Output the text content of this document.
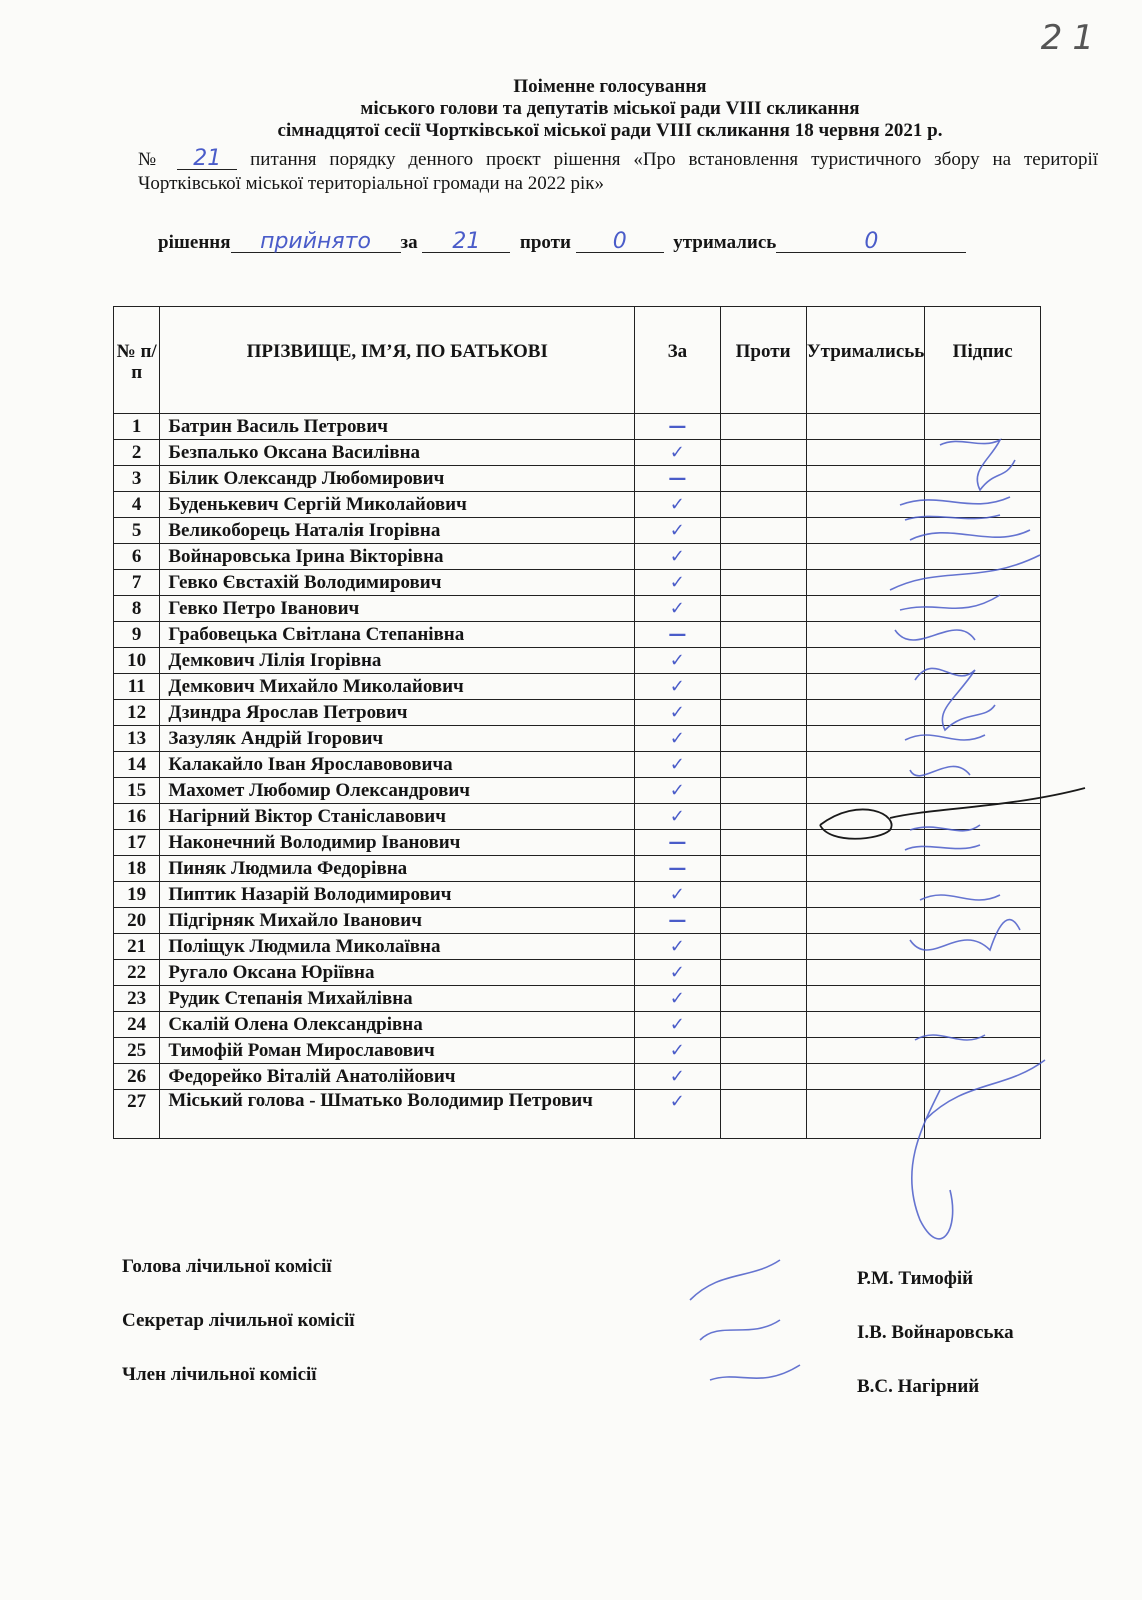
21
Поіменне голосування
міського голови та депутатів міської ради VIII скликання
сімнадцятої сесії Чортківської міської ради VIII скликання 18 червня 2021 р.
№ 21 питання порядку денного проєкт рішення «Про встановлення туристичного збору на території Чортківської міської територіальної громади на 2022 рік»
рішення прийнято за 21 проти 0 утримались	0
№ п/п	ПРІЗВИЩЕ, ІМ’Я, ПО БАТЬКОВІ	За	Проти	Утрималисьь	Підпис
1	Батрин Василь Петрович	—			
2	Безпалько Оксана Василівна	✓			
3	Білик Олександр Любомирович	—			
4	Буденькевич Сергій Миколайович	✓			
5	Великоборець Наталія Ігорівна	✓			
6	Войнаровська Ірина Вікторівна	✓			
7	Гевко Євстахій Володимирович	✓			
8	Гевко Петро Іванович	✓			
9	Грабовецька Світлана Степанівна	—			
10	Демкович Лілія Ігорівна	✓			
11	Демкович Михайло Миколайович	✓			
12	Дзиндра Ярослав Петрович	✓			
13	Зазуляк Андрій Ігорович	✓			
14	Калакайло Іван Ярославововича	✓			
15	Махомет Любомир Олександрович	✓			
16	Нагірний Віктор Станіславович	✓			
17	Наконечний Володимир Іванович	—			
18	Пиняк Людмила Федорівна	—			
19	Пиптик Назарій Володимирович	✓			
20	Підгірняк Михайло Іванович	—			
21	Поліщук Людмила Миколаївна	✓			
22	Ругало Оксана Юріївна	✓			
23	Рудик Степанія Михайлівна	✓			
24	Скалій Олена Олександрівна	✓			
25	Тимофій Роман Мирославович	✓			
26	Федорейко Віталій Анатолійович	✓			
27	Міський голова - Шматько Володимир Петрович	✓			
Голова лічильної комісії
Р.М. Тимофій
Секретар лічильної комісії
І.В. Войнаровська
Член лічильної комісії
В.С. Нагірний
